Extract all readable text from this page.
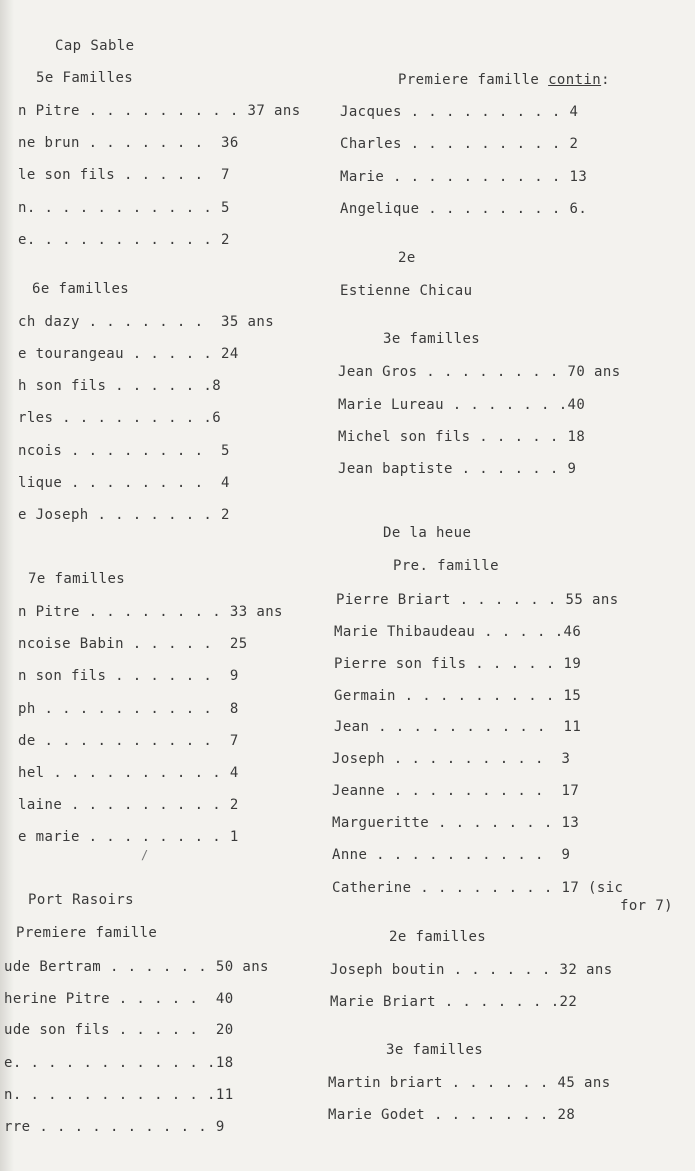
Cap Sable
5e Familles
n Pitre . . . . . . . . . 37 ans
ne brun . . . . . . .  36
le son fils . . . . .  7
n. . . . . . . . . . . 5
e. . . . . . . . . . . 2
6e familles
ch dazy . . . . . . .  35 ans
e tourangeau . . . . . 24
h son fils . . . . . .8
rles . . . . . . . . .6
ncois . . . . . . . .  5
lique . . . . . . . .  4
e Joseph . . . . . . . 2
7e familles
n Pitre . . . . . . . . 33 ans
ncoise Babin . . . . .  25
n son fils . . . . . .  9
ph . . . . . . . . . .  8
de . . . . . . . . . .  7
hel . . . . . . . . . . 4
laine . . . . . . . . . 2
e marie . . . . . . . . 1
Port Rasoirs
Premiere famille
ude Bertram . . . . . . 50 ans
herine Pitre . . . . .  40
ude son fils . . . . .  20
e. . . . . . . . . . . .18
n. . . . . . . . . . . .11
rre . . . . . . . . . . 9
Premiere famille contin:
Jacques . . . . . . . . . 4
Charles . . . . . . . . . 2
Marie . . . . . . . . . . 13
Angelique . . . . . . . . 6.
2e
Estienne Chicau
3e familles
Jean Gros . . . . . . . . 70 ans
Marie Lureau . . . . . . .40
Michel son fils . . . . . 18
Jean baptiste . . . . . . 9
De la heue
Pre. famille
Pierre Briart . . . . . . 55 ans
Marie Thibaudeau . . . . .46
Pierre son fils . . . . . 19
Germain . . . . . . . . . 15
Jean . . . . . . . . . .  11
Joseph . . . . . . . . .  3
Jeanne . . . . . . . . .  17
Margueritte . . . . . . . 13
Anne . . . . . . . . . .  9
Catherine . . . . . . . . 17 (sic
for 7)
2e familles
Joseph boutin . . . . . . 32 ans
Marie Briart . . . . . . .22
3e familles
Martin briart . . . . . . 45 ans
Marie Godet . . . . . . . 28
/
